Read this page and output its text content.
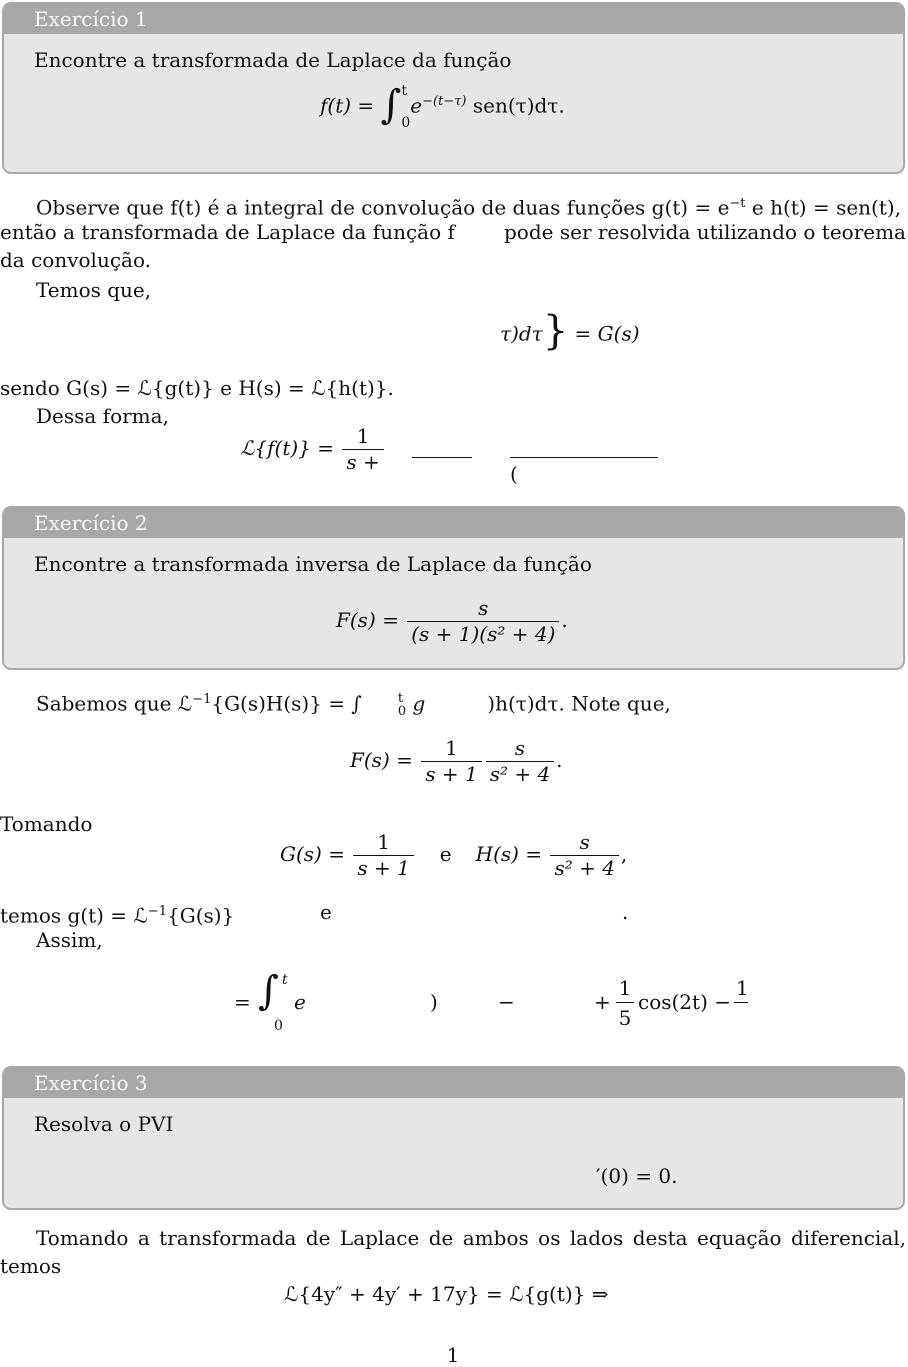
Exercício 1
Encontre a transformada de Laplace da função
f(t) = ∫ t
$0e^{-(t-\tau)}$ sen(τ)dτ.
Observe que f(t) é a integral de convolução de duas funções $g(t) = e^{-t}$ e h(t) = sen(t),
então a transformada de Laplace da função f pode ser resolvida utilizando o teorema
da convolução.
Temos que,
τ)dτ} = G(s)
sendo G(s) = ℒ{g(t)} e H(s) = ℒ{h(t)}.
Dessa forma,
ℒ{f(t)} = $\frac{1}{s +}$	(
Exercício 2
Encontre a transformada inversa de Laplace da função
$F(s) = \frac{s}{\text{(s + 1)(s² + 4)}}$ .
Sabemos que ℒ$^{-1}${G(s)H(s)} = ∫	t
0 g	)h(τ)dτ. Note que,
$F(s) = \frac{1}{s + 1} \frac{s}{\text{s² + 4}}$ .
Tomando
$G(s) = \frac{1}{s + 1}$ e $H(s) = \frac{s}{\text{s² + 4}}$ ,
temos g(t) = ℒ$^{-1}${G(s)}	e	.
Assim,
= ∫ t
0
e	)	−	+
1
5
cos(2t) −
1
Exercício 3
Resolva o PVI
′(0) = 0.
Tomando a transformada de Laplace de ambos os lados desta equação diferencial,
temos
ℒ{4y″ + 4y′ + 17y} = ℒ{g(t)} ⇒
1
